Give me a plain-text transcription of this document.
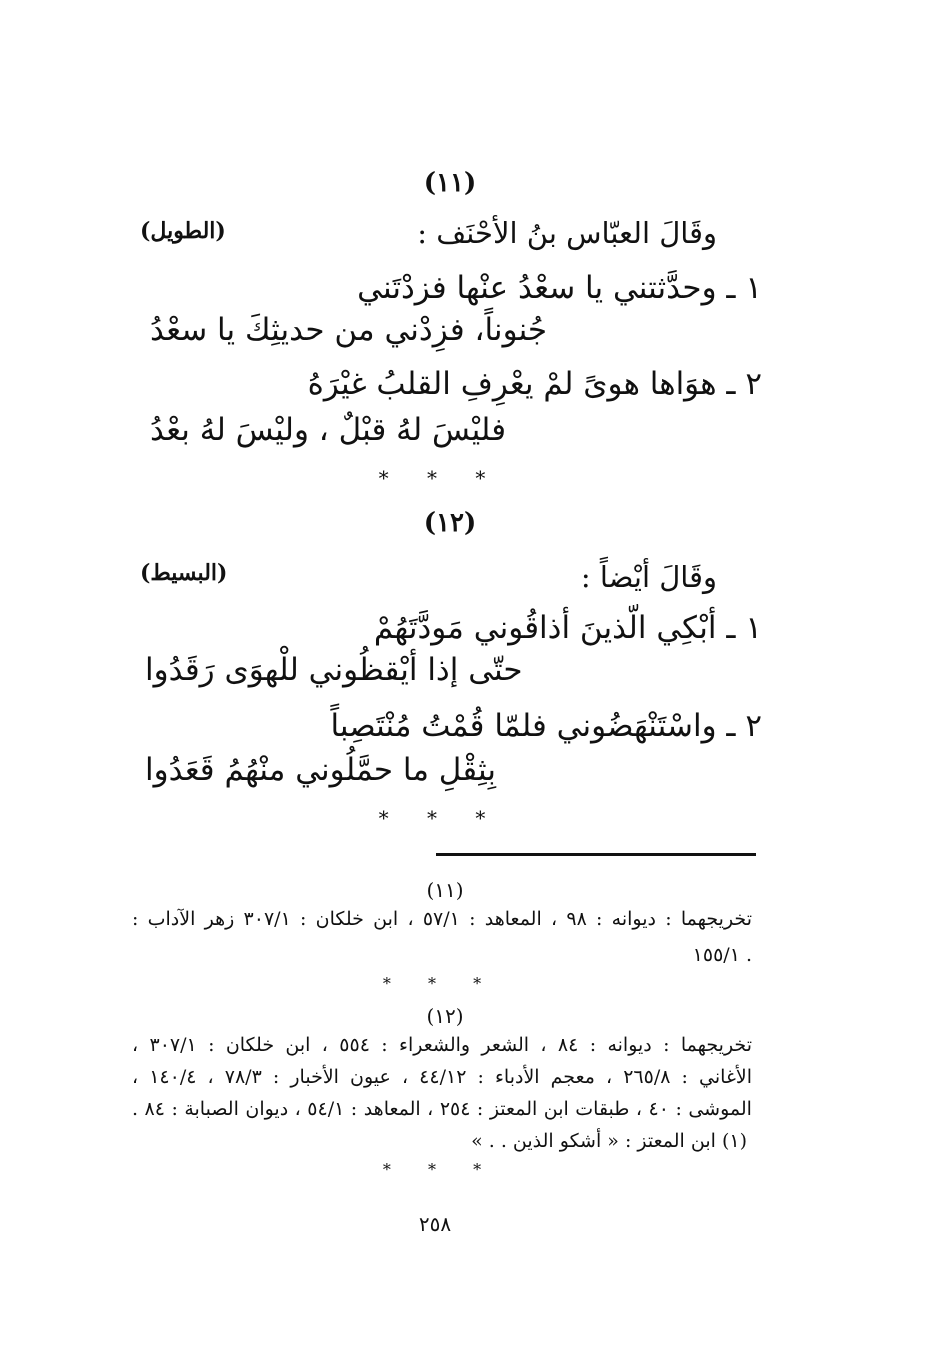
(١١)
وقَالَ العبّاس بنُ الأحْنَف :
(الطويل)
١ ـ وحدَّثتني يا سعْدُ عنْها فزدْتَني
جُنوناً، فزِدْني من حديثِكَ يا سعْدُ
٢ ـ هوَاها هوىً لمْ يعْرِفِ القلبُ غيْرَهُ
فليْسَ لهُ قبْلٌ ، وليْسَ لهُ بعْدُ
* * *
(١٢)
وقَالَ أيْضاً :
(البسيط)
١ ـ أبْكِي الّذينَ أذاقُوني مَودَّتَهُمْ
حتّى إذا أيْقظُوني للْهوَى رَقَدُوا
٢ ـ واسْتَنْهَضُوني فلمّا قُمْتُ مُنْتَصِباً
بِثِقْلِ ما حمَّلُوني منْهُمُ قَعَدُوا
* * *
(١١)
تخريجهما : ديوانه : ٩٨ ، المعاهد : ٥٧/١ ، ابن خلكان : ٣٠٧/١ زهر الآداب :
١٥٥/١ .
* * *
(١٢)
تخريجهما : ديوانه : ٨٤ ، الشعر والشعراء : ٥٥٤ ، ابن خلكان : ٣٠٧/١ ،
الأغاني : ٢٦٥/٨ ، معجم الأدباء : ٤٤/١٢ ، عيون الأخبار : ٧٨/٣ ، ١٤٠/٤ ،
الموشى : ٤٠ ، طبقات ابن المعتز : ٢٥٤ ، المعاهد : ٥٤/١ ، ديوان الصبابة : ٨٤ .
(١) ابن المعتز : « أشكو الذين . . »
* * *
٢٥٨
